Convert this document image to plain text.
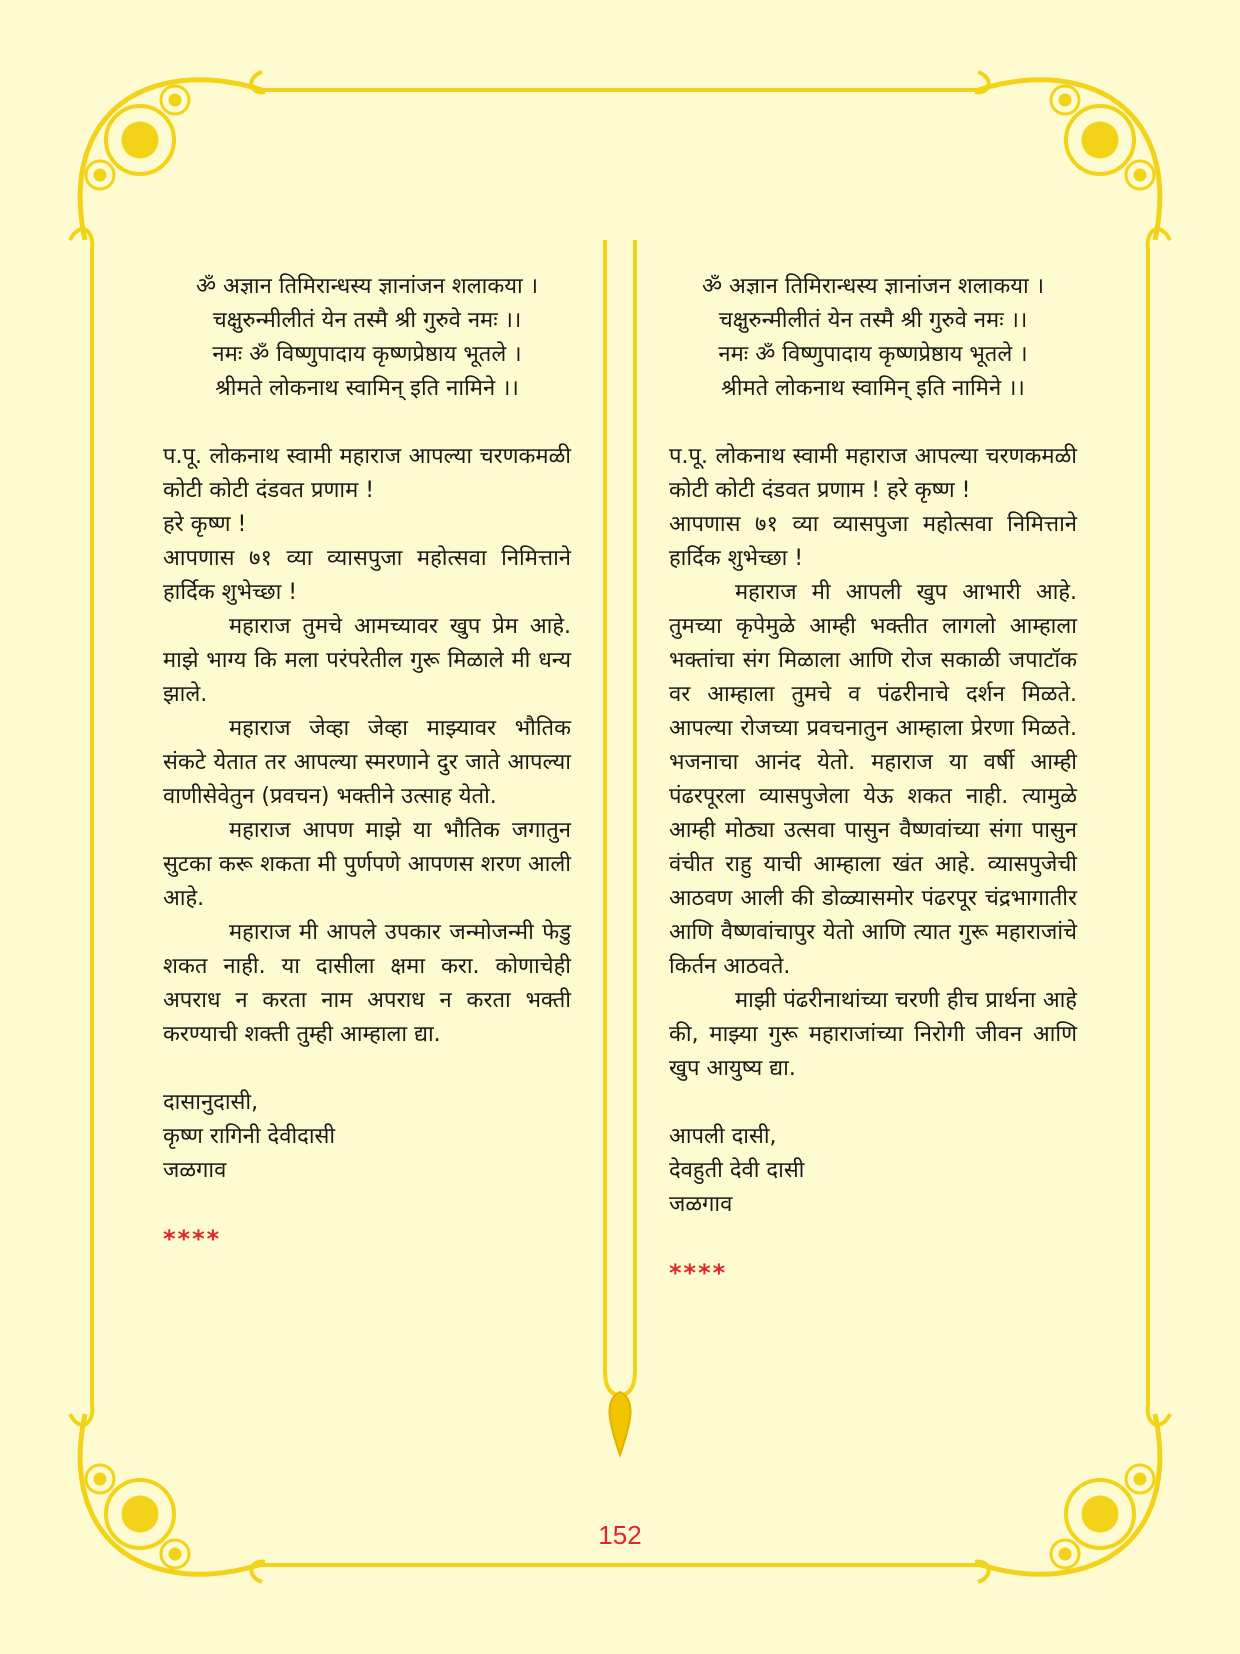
ॐ अज्ञान तिमिरान्धस्य ज्ञानांजन शलाकया ।
चक्षुरुन्मीलीतं येन तस्मै श्री गुरुवे नमः ।।
नमः ॐ विष्णुपादाय कृष्णप्रेष्ठाय भूतले ।
श्रीमते लोकनाथ स्वामिन् इति नामिने ।।

प.पू. लोकनाथ स्वामी महाराज आपल्या चरणकमळी कोटी कोटी दंडवत प्रणाम !

हरे कृष्ण !

आपणास ७१ व्या व्यासपुजा महोत्सवा निमित्ताने हार्दिक शुभेच्छा !

महाराज तुमचे आमच्यावर खुप प्रेम आहे. माझे भाग्य कि मला परंपरेतील गुरू मिळाले मी धन्य झाले.

महाराज जेव्हा जेव्हा माझ्यावर भौतिक संकटे येतात तर आपल्या स्मरणाने दुर जाते आपल्या वाणीसेवेतुन (प्रवचन) भक्तीने उत्साह येतो.

महाराज आपण माझे या भौतिक जगातुन सुटका करू शकता मी पुर्णपणे आपणस शरण आली आहे.

महाराज मी आपले उपकार जन्मोजन्मी फेडु शकत नाही. या दासीला क्षमा करा. कोणाचेही अपराध न करता नाम अपराध न करता भक्ती करण्याची शक्ती तुम्ही आम्हाला द्या.

दासानुदासी,
कृष्ण रागिनी देवीदासी
जळगाव
****
ॐ अज्ञान तिमिरान्धस्य ज्ञानांजन शलाकया ।
चक्षुरुन्मीलीतं येन तस्मै श्री गुरुवे नमः ।।
नमः ॐ विष्णुपादाय कृष्णप्रेष्ठाय भूतले ।
श्रीमते लोकनाथ स्वामिन् इति नामिने ।।

प.पू. लोकनाथ स्वामी महाराज आपल्या चरणकमळी कोटी कोटी दंडवत प्रणाम ! हरे कृष्ण !

आपणास ७१ व्या व्यासपुजा महोत्सवा निमित्ताने हार्दिक शुभेच्छा !

महाराज मी आपली खुप आभारी आहे. तुमच्या कृपेमुळे आम्ही भक्तीत लागलो आम्हाला भक्तांचा संग मिळाला आणि रोज सकाळी जपाटॉक वर आम्हाला तुमचे व पंढरीनाचे दर्शन मिळते. आपल्या रोजच्या प्रवचनातुन आम्हाला प्रेरणा मिळते. भजनाचा आनंद येतो. महाराज या वर्षी आम्ही पंढरपूरला व्यासपुजेला येऊ शकत नाही. त्यामुळे आम्ही मोठ्या उत्सवा पासुन वैष्णवांच्या संगा पासुन वंचीत राहु याची आम्हाला खंत आहे. व्यासपुजेची आठवण आली की डोळ्यासमोर पंढरपूर चंद्रभागातीर आणि वैष्णवांचापुर येतो आणि त्यात गुरू महाराजांचे किर्तन आठवते.

माझी पंढरीनाथांच्या चरणी हीच प्रार्थना आहे की, माझ्या गुरू महाराजांच्या निरोगी जीवन आणि खुप आयुष्य द्या.

आपली दासी,
देवहुती देवी दासी
जळगाव
****
152
